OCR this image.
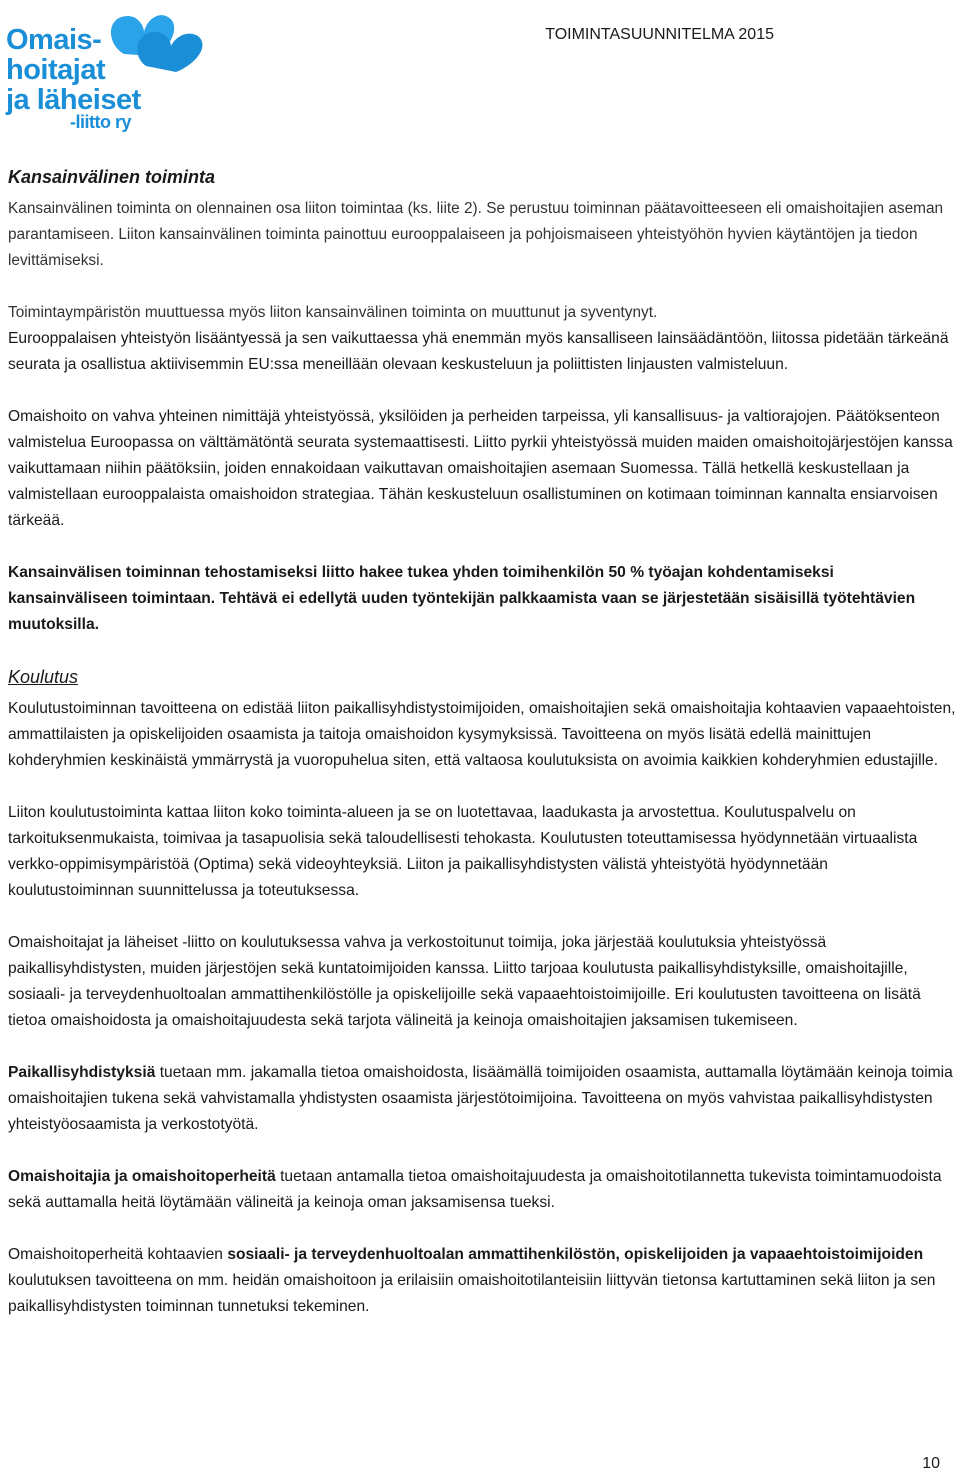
Omais-
hoitajat
ja läheiset
-liitto ry
TOIMINTASUUNNITELMA 2015
Kansainvälinen toiminta

Kansainvälinen toiminta on olennainen osa liiton toimintaa (ks. liite 2). Se perustuu toiminnan päätavoitteeseen eli omaishoitajien aseman parantamiseen. Liiton kansainvälinen toiminta painottuu eurooppalaiseen ja pohjoismaiseen yhteistyöhön hyvien käytäntöjen ja tiedon levittämiseksi.

Toimintaympäristön muuttuessa myös liiton kansainvälinen toiminta on muuttunut ja syventynyt.

Eurooppalaisen yhteistyön lisääntyessä ja sen vaikuttaessa yhä enemmän myös kansalliseen lainsäädäntöön, liitossa pidetään tärkeänä seurata ja osallistua aktiivisemmin EU:ssa meneillään olevaan keskusteluun ja poliittisten linjausten valmisteluun.

Omaishoito on vahva yhteinen nimittäjä yhteistyössä, yksilöiden ja perheiden tarpeissa, yli kansallisuus- ja valtiorajojen. Päätöksenteon valmistelua Euroopassa on välttämätöntä seurata systemaattisesti. Liitto pyrkii yhteistyössä muiden maiden omaishoitojärjestöjen kanssa vaikuttamaan niihin päätöksiin, joiden ennakoidaan vaikuttavan omaishoitajien asemaan Suomessa. Tällä hetkellä keskustellaan ja valmistellaan eurooppalaista omaishoidon strategiaa. Tähän keskusteluun osallistuminen on kotimaan toiminnan kannalta ensiarvoisen tärkeää.

Kansainvälisen toiminnan tehostamiseksi liitto hakee tukea yhden toimihenkilön 50 % työajan kohdentamiseksi kansainväliseen toimintaan. Tehtävä ei edellytä uuden työntekijän palkkaamista vaan se järjestetään sisäisillä työtehtävien muutoksilla.

Koulutus

Koulutustoiminnan tavoitteena on edistää liiton paikallisyhdistystoimijoiden, omaishoitajien sekä omaishoitajia kohtaavien vapaaehtoisten, ammattilaisten ja opiskelijoiden osaamista ja taitoja omaishoidon kysymyksissä. Tavoitteena on myös lisätä edellä mainittujen kohderyhmien keskinäistä ymmärrystä ja vuoropuhelua siten, että valtaosa koulutuksista on avoimia kaikkien kohderyhmien edustajille.

Liiton koulutustoiminta kattaa liiton koko toiminta-alueen ja se on luotettavaa, laadukasta ja arvostettua. Koulutuspalvelu on tarkoituksenmukaista, toimivaa ja tasapuolisia sekä taloudellisesti tehokasta. Koulutusten toteuttamisessa hyödynnetään virtuaalista verkko-oppimisympäristöä (Optima) sekä videoyhteyksiä. Liiton ja paikallisyhdistysten välistä yhteistyötä hyödynnetään koulutustoiminnan suunnittelussa ja toteutuksessa.

Omaishoitajat ja läheiset -liitto on koulutuksessa vahva ja verkostoitunut toimija, joka järjestää koulutuksia yhteistyössä paikallisyhdistysten, muiden järjestöjen sekä kuntatoimijoiden kanssa. Liitto tarjoaa koulutusta paikallisyhdistyksille, omaishoitajille, sosiaali- ja terveydenhuoltoalan ammattihenkilöstölle ja opiskelijoille sekä vapaaehtoistoimijoille. Eri koulutusten tavoitteena on lisätä tietoa omaishoidosta ja omaishoitajuudesta sekä tarjota välineitä ja keinoja omaishoitajien jaksamisen tukemiseen.

Paikallisyhdistyksiä tuetaan mm. jakamalla tietoa omaishoidosta, lisäämällä toimijoiden osaamista, auttamalla löytämään keinoja toimia omaishoitajien tukena sekä vahvistamalla yhdistysten osaamista järjestötoimijoina. Tavoitteena on myös vahvistaa paikallisyhdistysten yhteistyöosaamista ja verkostotyötä.

Omaishoitajia ja omaishoitoperheitä tuetaan antamalla tietoa omaishoitajuudesta ja omaishoitotilannetta tukevista toimintamuodoista sekä auttamalla heitä löytämään välineitä ja keinoja oman jaksamisensa tueksi.

Omaishoitoperheitä kohtaavien sosiaali- ja terveydenhuoltoalan ammattihenkilöstön, opiskelijoiden ja vapaaehtoistoimijoiden koulutuksen tavoitteena on mm. heidän omaishoitoon ja erilaisiin omaishoitotilanteisiin liittyvän tietonsa kartuttaminen sekä liiton ja sen paikallisyhdistysten toiminnan tunnetuksi tekeminen.

10
